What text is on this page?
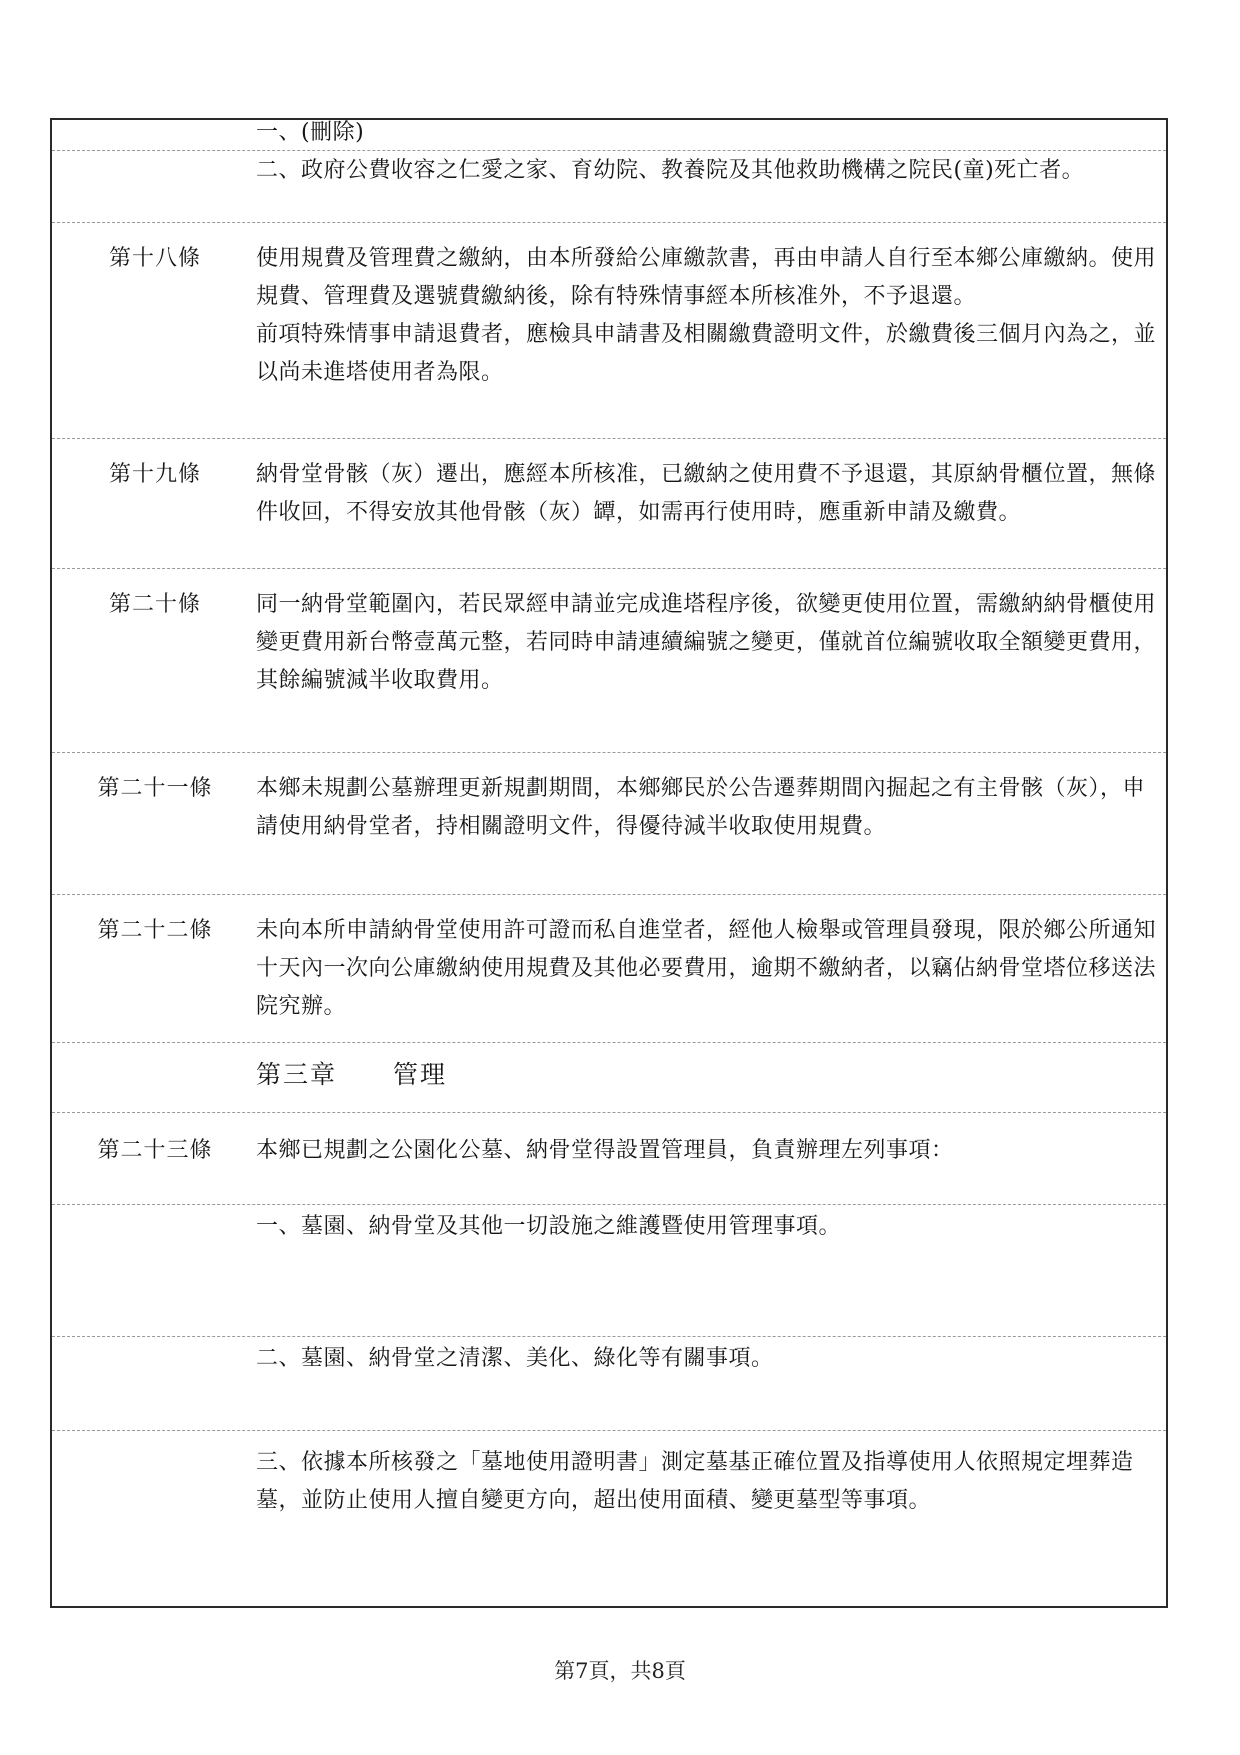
一、(刪除)
二、政府公費收容之仁愛之家、育幼院、教養院及其他救助機構之院民(童)死亡者。
第十八條	使用規費及管理費之繳納，由本所發給公庫繳款書，再由申請人自行至本鄉公庫繳納。使用規費、管理費及選號費繳納後，除有特殊情事經本所核准外，不予退還。

前項特殊情事申請退費者，應檢具申請書及相關繳費證明文件，於繳費後三個月內為之，並以尚未進塔使用者為限。

第十九條	納骨堂骨骸（灰）遷出，應經本所核准，已繳納之使用費不予退還，其原納骨櫃位置，無條件收回，不得安放其他骨骸（灰）罈，如需再行使用時，應重新申請及繳費。
第二十條	同一納骨堂範圍內，若民眾經申請並完成進塔程序後，欲變更使用位置，需繳納納骨櫃使用變更費用新台幣壹萬元整，若同時申請連續編號之變更，僅就首位編號收取全額變更費用，其餘編號減半收取費用。
第二十一條	本鄉未規劃公墓辦理更新規劃期間，本鄉鄉民於公告遷葬期間內掘起之有主骨骸（灰），申請使用納骨堂者，持相關證明文件，得優待減半收取使用規費。
第二十二條	未向本所申請納骨堂使用許可證而私自進堂者，經他人檢舉或管理員發現，限於鄉公所通知十天內一次向公庫繳納使用規費及其他必要費用，逾期不繳納者，以竊佔納骨堂塔位移送法院究辦。
第三章 管理
第二十三條	本鄉已規劃之公園化公墓、納骨堂得設置管理員，負責辦理左列事項：
一、墓園、納骨堂及其他一切設施之維護暨使用管理事項。
二、墓園、納骨堂之清潔、美化、綠化等有關事項。
三、依據本所核發之「墓地使用證明書」測定墓基正確位置及指導使用人依照規定埋葬造墓，並防止使用人擅自變更方向，超出使用面積、變更墓型等事項。
第7頁，共8頁
